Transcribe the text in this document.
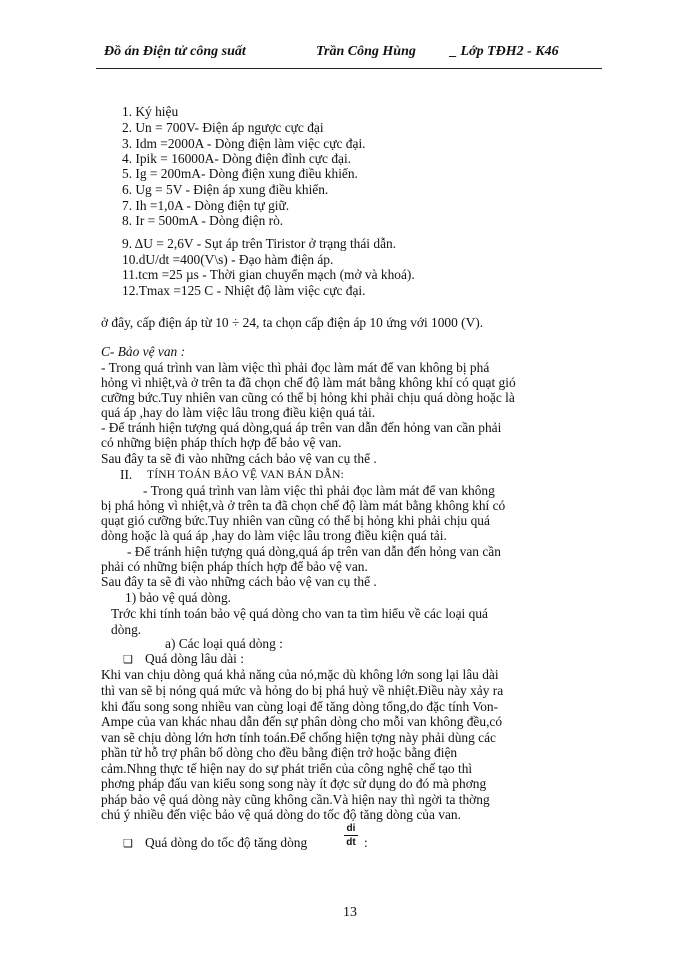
Đồ án Điện tử công suất	Trần Công Hùng _ Lớp TĐH2 - K46
1. Ký hiệu
2. Un = 700V- Điện áp ngược cực đại
3. Idm =2000A - Dòng điện làm việc cực đại.
4. Ipik = 16000A- Dòng điện đỉnh cực đại.
5. Ig = 200mA- Dòng điện xung điều khiển.
6. Ug = 5V - Điện áp xung điều khiển.
7. Ih =1,0A - Dòng điện tự giữ.
8. Ir = 500mA - Dòng điện rò.
9. ΔU = 2,6V - Sụt áp trên Tiristor ở trạng thái dẫn.
10.dU/dt =400(V\s) - Đạo hàm điện áp.
11.tcm =25 µs - Thời gian chuyển mạch (mở và khoá).
12.Tmax =125 C - Nhiệt độ làm việc cực đại.
ở đây, cấp điện áp từ 10 ÷ 24, ta chọn cấp điện áp 10 ứng với 1000 (V).
C- Bảo vệ van :
- Trong quá trình van làm việc thì phải đọc làm mát để van không bị phá
hỏng vì nhiệt,và ở trên ta đã chọn chế độ làm mát bằng không khí có quạt gió
cưỡng bức.Tuy nhiên van cũng có thể bị hỏng khi phải chịu quá dòng hoặc là
quá áp ,hay do làm việc lâu trong điều kiện quá tải.
- Để tránh hiện tượng quá dòng,quá áp trên van dẫn đến hỏng van cần phải
có những biện pháp thích hợp để bảo vệ van.
Sau đây ta sẽ đi vào những cách bảo vệ van cụ thể .
II. TÍNH TOÁN BẢO VỆ VAN BÁN DẪN:
- Trong quá trình van làm việc thì phải đọc làm mát để van không
bị phá hỏng vì nhiệt,và ở trên ta đã chọn chế độ làm mát bằng không khí có
quạt gió cưỡng bức.Tuy nhiên van cũng có thể bị hỏng khi phải chịu quá
dòng hoặc là quá áp ,hay do làm việc lâu trong điều kiện quá tải.
- Để tránh hiện tượng quá dòng,quá áp trên van dẫn đến hỏng van cần
phải có những biện pháp thích hợp để bảo vệ van.
Sau đây ta sẽ đi vào những cách bảo vệ van cụ thể .
1) bảo vệ quá dòng.
Trớc khi tính toán bảo vệ quá dòng cho van ta tìm hiểu về các loại quá
dòng.
a) Các loại quá dòng :
❑ Quá dòng lâu dài :
Khi van chịu dòng quá khả năng của nó,mặc dù không lớn song lại lâu dài
thì van sẽ bị nóng quá mức và hỏng do bị phá huỷ về nhiệt.Điều này xảy ra
khi đấu song song nhiều van cùng loại để tăng dòng tổng,do đặc tính Von-
Ampe của van khác nhau dẫn đến sự phân dòng cho mỗi van không đều,có
van sẽ chịu dòng lớn hơn tính toán.Để chống hiện tợng này phải dùng các
phần tử hỗ trợ phân bố dòng cho đều bằng điện trở hoặc bằng điện
cảm.Nhng thực tế hiện nay do sự phát triển của công nghệ chế tạo thì
phơng pháp đấu van kiểu song song này ít đợc sử dụng do đó mà phơng
pháp bảo vệ quá dòng này cũng không cần.Và hiện nay thì ngời ta thờng
chú ý nhiều đến việc bảo vệ quá dòng do tốc độ tăng dòng của van.
❑ Quá dòng do tốc độ tăng dòng
di
dt :
13
